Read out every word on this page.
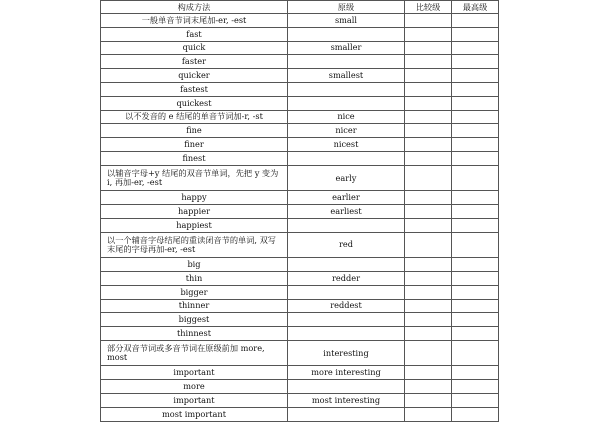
构成方法	原级	比较级	最高级

一般单音节词末尾加-er, -est	small		

fast			

quick	smaller		

faster			

quicker	smallest		

fastest			

quickest			

以不发音的 e 结尾的单音节词加-r, -st	nice		

fine	nicer		

finer	nicest		

finest			

以辅音字母+y 结尾的双音节单词，先把 y 变为 i, 再加-er, -est	early		

happy	earlier		

happier	earliest		

happiest			

以一个辅音字母结尾的重读闭音节的单词, 双写末尾的字母再加-er, -est	red		

big			

thin	redder		

bigger			

thinner	reddest		

biggest			

thinnest			

部分双音节词或多音节词在原级前加 more, most	interesting		

important	more interesting		

more			

important	most interesting		

most important			
